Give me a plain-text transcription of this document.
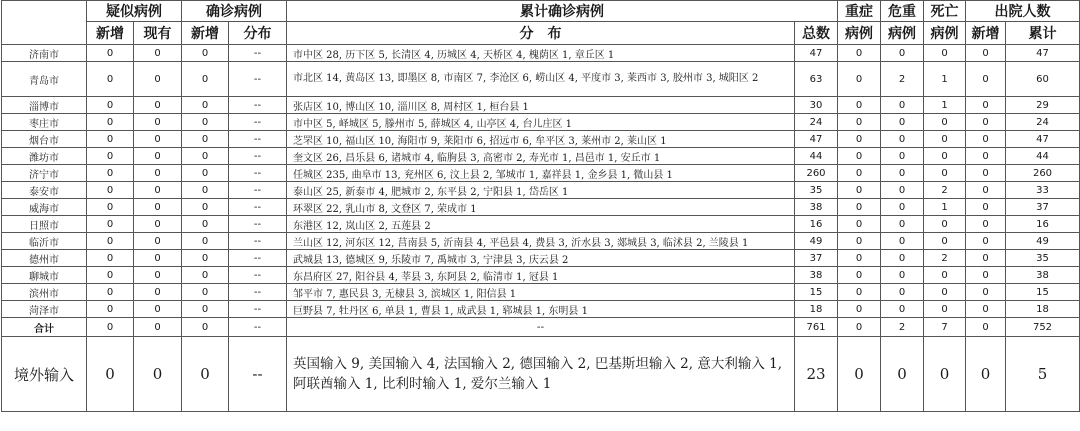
	疑似病例		确诊病例		累计确诊病例		重症	危重	死亡	出院人数	
	新增	现有	新增	分布	分　布	总数	病例	病例	病例	新增	累计
济南市	0	0	0	--	市中区 28, 历下区 5, 长清区 4, 历城区 4, 天桥区 4, 槐荫区 1, 章丘区 1	47	0	0	0	0	47
青岛市	0	0	0	--	市北区 14, 黄岛区 13, 即墨区 8, 市南区 7, 李沧区 6, 崂山区 4, 平度市 3, 莱西市 3, 胶州市 3, 城阳区 2	63	0	2	1	0	60
淄博市	0	0	0	--	张店区 10, 博山区 10, 淄川区 8, 周村区 1, 桓台县 1	30	0	0	1	0	29
枣庄市	0	0	0	--	市中区 5, 峄城区 5, 滕州市 5, 薛城区 4, 山亭区 4, 台儿庄区 1	24	0	0	0	0	24
烟台市	0	0	0	--	芝罘区 10, 福山区 10, 海阳市 9, 莱阳市 6, 招远市 6, 牟平区 3, 莱州市 2, 莱山区 1	47	0	0	0	0	47
潍坊市	0	0	0	--	奎文区 26, 昌乐县 6, 诸城市 4, 临朐县 3, 高密市 2, 寿光市 1, 昌邑市 1, 安丘市 1	44	0	0	0	0	44
济宁市	0	0	0	--	任城区 235, 曲阜市 13, 兖州区 6, 汶上县 2, 邹城市 1, 嘉祥县 1, 金乡县 1, 微山县 1	260	0	0	0	0	260
泰安市	0	0	0	--	泰山区 25, 新泰市 4, 肥城市 2, 东平县 2, 宁阳县 1, 岱岳区 1	35	0	0	2	0	33
威海市	0	0	0	--	环翠区 22, 乳山市 8, 文登区 7, 荣成市 1	38	0	0	1	0	37
日照市	0	0	0	--	东港区 12, 岚山区 2, 五莲县 2	16	0	0	0	0	16
临沂市	0	0	0	--	兰山区 12, 河东区 12, 莒南县 5, 沂南县 4, 平邑县 4, 费县 3, 沂水县 3, 郯城县 3, 临沭县 2, 兰陵县 1	49	0	0	0	0	49
德州市	0	0	0	--	武城县 13, 德城区 9, 乐陵市 7, 禹城市 3, 宁津县 3, 庆云县 2	37	0	0	2	0	35
聊城市	0	0	0	--	东昌府区 27, 阳谷县 4, 莘县 3, 东阿县 2, 临清市 1, 冠县 1	38	0	0	0	0	38
滨州市	0	0	0	--	邹平市 7, 惠民县 3, 无棣县 3, 滨城区 1, 阳信县 1	15	0	0	0	0	15
菏泽市	0	0	0	--	巨野县 7, 牡丹区 6, 单县 1, 曹县 1, 成武县 1, 郓城县 1, 东明县 1	18	0	0	0	0	18
合计	0	0	0	--	--	761	0	2	7	0	752
境外输入	0	0	0	--	英国输入 9, 美国输入 4, 法国输入 2, 德国输入 2, 巴基斯坦输入 2, 意大利输入 1, 阿联酋输入 1, 比利时输入 1, 爱尔兰输入 1	23	0	0	0	0	5
